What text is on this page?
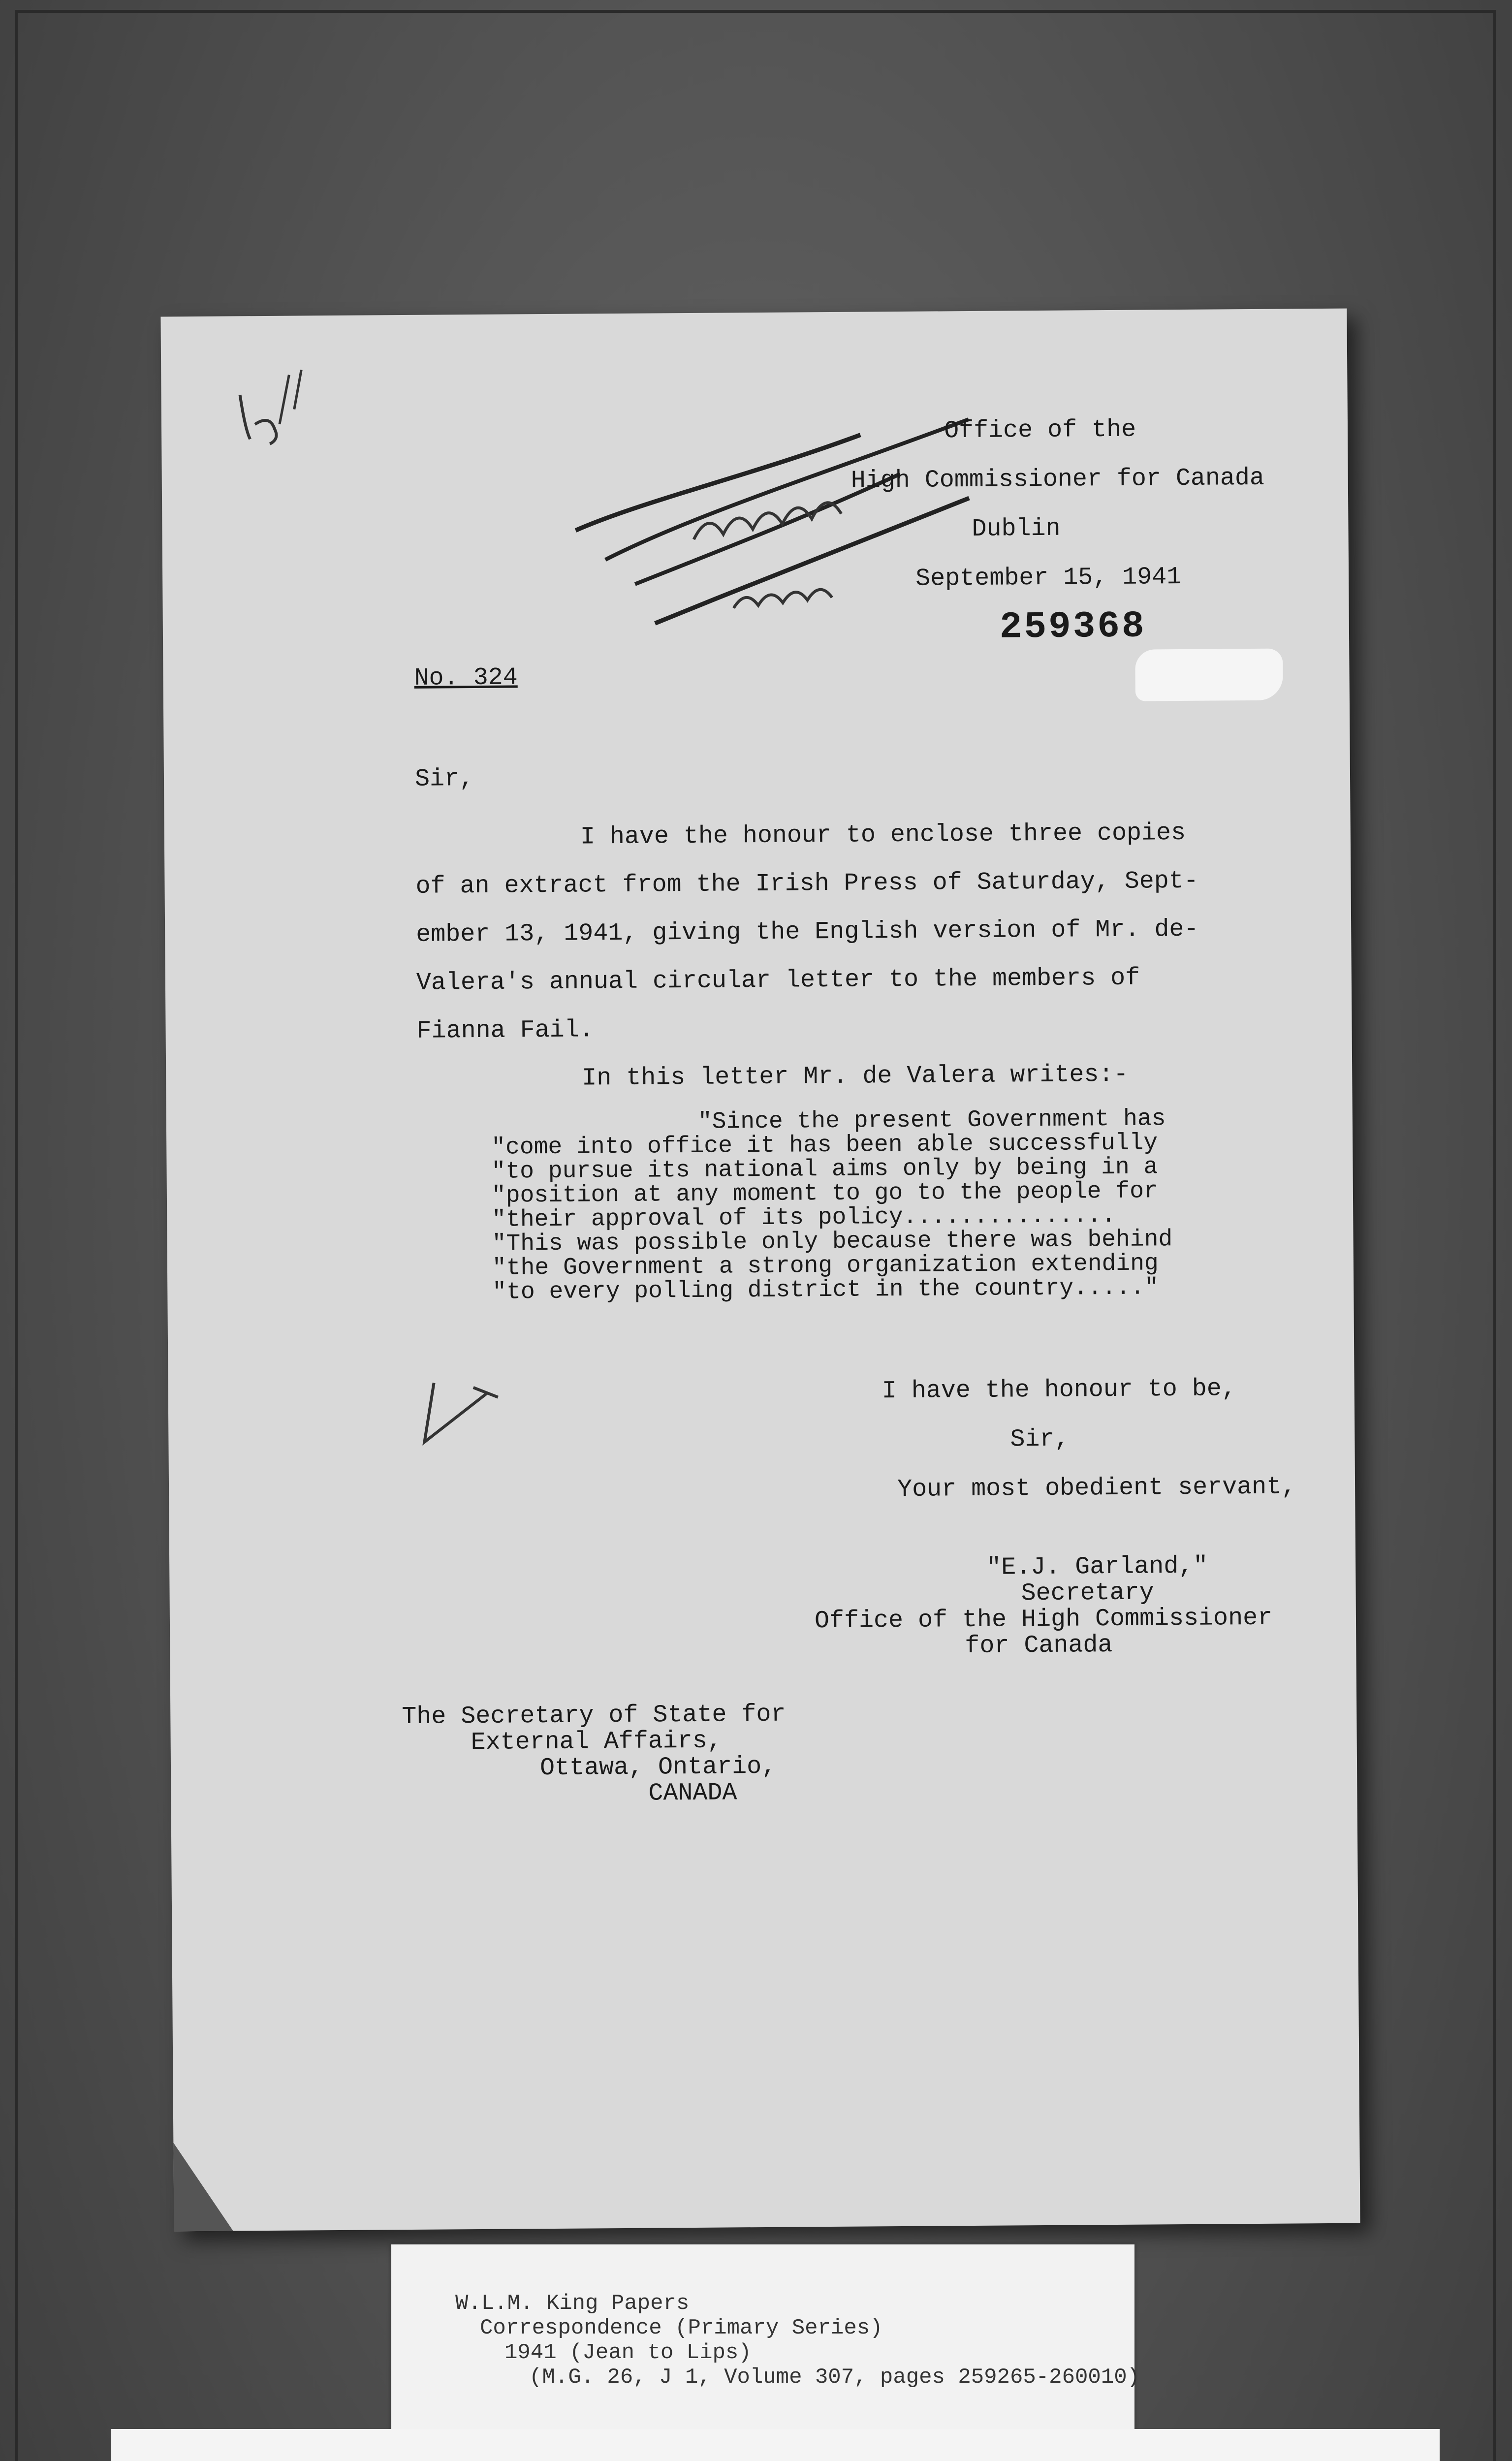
Office of the
High Commissioner for Canada
Dublin
September 15, 1941
259368
No. 324
Sir,
I have the honour to enclose three copies
of an extract from the Irish Press of Saturday, Sept-
ember 13, 1941, giving the English version of Mr. de-
Valera's annual circular letter to the members of
Fianna Fail.
In this letter Mr. de Valera writes:-
"Since the present Government has
"come into office it has been able successfully
"to pursue its national aims only by being in a
"position at any moment to go to the people for
"their approval of its policy...............
"This was possible only because there was behind
"the Government a strong organization extending
"to every polling district in the country....."
I have the honour to be,
Sir,
Your most obedient servant,
"E.J. Garland,"
Secretary
Office of the High Commissioner
for Canada
The Secretary of State for
External Affairs,
Ottawa, Ontario,
CANADA
W.L.M. King Papers
Correspondence (Primary Series)
1941 (Jean to Lips)
(M.G. 26, J 1, Volume 307, pages 259265-260010)
